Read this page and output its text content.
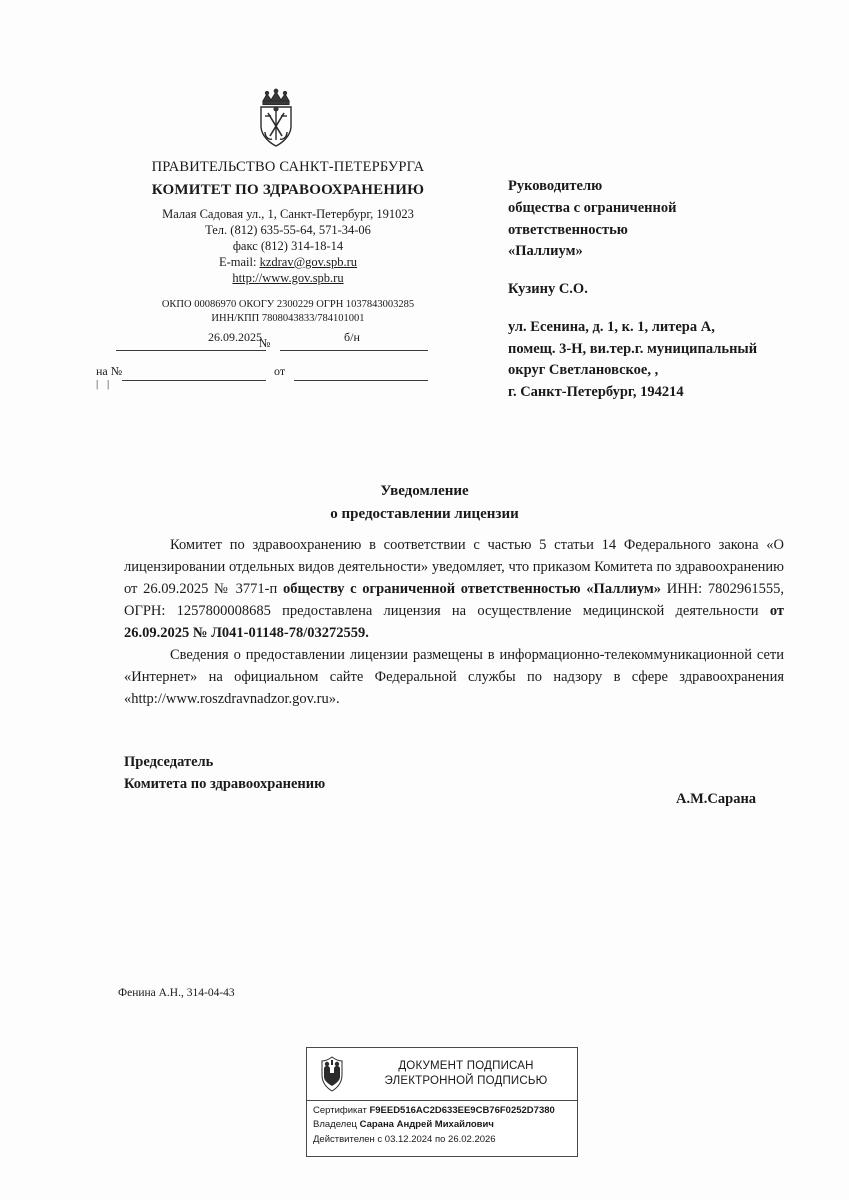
ПРАВИТЕЛЬСТВО САНКТ-ПЕТЕРБУРГА
КОМИТЕТ ПО ЗДРАВООХРАНЕНИЮ
Малая Садовая ул., 1, Санкт-Петербург, 191023
Тел. (812) 635-55-64, 571-34-06
факс (812) 314-18-14
E-mail: kzdrav@gov.spb.ru
http://www.gov.spb.ru
ОКПО 00086970 ОКОГУ 2300229 ОГРН 1037843003285
ИНН/КПП 7808043833/784101001
26.09.2025
№	б/н
на №	от
| |
Руководителю
общества с ограниченной
ответственностью
«Паллиум»
Кузину С.О.
ул. Есенина, д. 1, к. 1, литера А,
помещ. 3-Н, ви.тер.г. муниципальный
округ Светлановское, ,
г. Санкт-Петербург, 194214
Уведомление
о предоставлении лицензии

Комитет по здравоохранению в соответствии с частью 5 статьи 14 Федерального закона «О лицензировании отдельных видов деятельности» уведомляет, что приказом Комитета по здравоохранению от 26.09.2025 № 3771-п обществу с ограниченной ответственностью «Паллиум» ИНН: 7802961555, ОГРН: 1257800008685 предоставлена лицензия на осуществление медицинской деятельности от 26.09.2025 № Л041-01148-78/03272559.

Сведения о предоставлении лицензии размещены в информационно-телекоммуникационной сети «Интернет» на официальном сайте Федеральной службы по надзору в сфере здравоохранения «http://www.roszdravnadzor.gov.ru».

Председатель
Комитета по здравоохранению
А.М.Сарана
Фенина А.Н., 314-04-43
ДОКУМЕНТ ПОДПИСАН
ЭЛЕКТРОННОЙ ПОДПИСЬЮ
Сертификат F9EED516AC2D633EE9CB76F0252D7380
Владелец Сарана Андрей Михайлович
Действителен с 03.12.2024 по 26.02.2026
